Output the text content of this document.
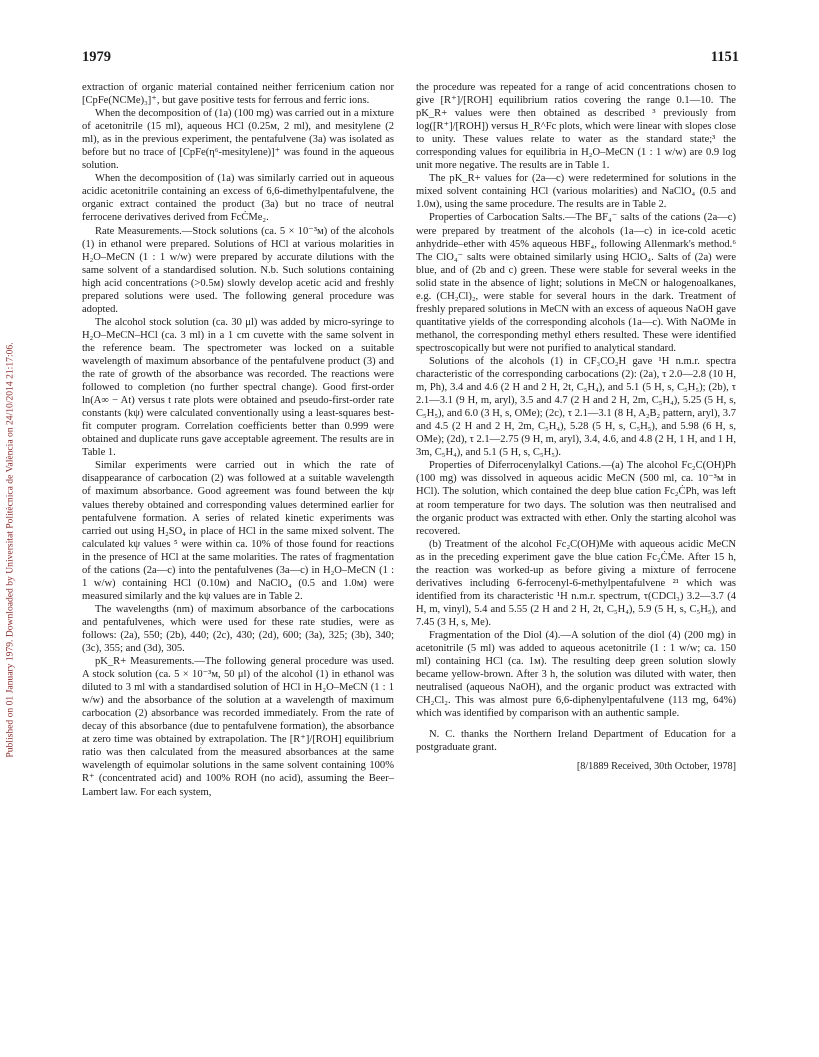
Published on 01 January 1979. Downloaded by Universitat Politècnica de València on 24/10/2014 21:17:06.
1979	1151

extraction of organic material contained neither ferricenium cation nor [CpFe(NCMe)₃]⁺, but gave positive tests for ferrous and ferric ions.

When the decomposition of (1a) (100 mg) was carried out in a mixture of acetonitrile (15 ml), aqueous HCl (0.25м, 2 ml), and mesitylene (2 ml), as in the previous experiment, the pentafulvene (3a) was isolated as before but no trace of [CpFe(η⁶-mesitylene)]⁺ was found in the aqueous solution.

When the decomposition of (1a) was similarly carried out in aqueous acidic acetonitrile containing an excess of 6,6-dimethylpentafulvene, the organic extract contained the product (3a) but no trace of neutral ferrocene derivatives derived from FcĊMe₂.

Rate Measurements.—Stock solutions (ca. 5 × 10⁻³м) of the alcohols (1) in ethanol were prepared. Solutions of HCl at various molarities in H₂O–MeCN (1 : 1 w/w) were prepared by accurate dilutions with the same solvent of a standardised solution. N.b. Such solutions containing high acid concentrations (>0.5м) slowly develop acetic acid and freshly prepared solutions were used. The following general procedure was adopted.

The alcohol stock solution (ca. 30 μl) was added by micro-syringe to H₂O–MeCN–HCl (ca. 3 ml) in a 1 cm cuvette with the same solvent in the reference beam. The spectrometer was locked on a suitable wavelength of maximum absorbance of the pentafulvene product (3) and the rate of growth of the absorbance was recorded. The reactions were followed to completion (no further spectral change). Good first-order ln(A∞ − At) versus t rate plots were obtained and pseudo-first-order rate constants (kψ) were calculated conventionally using a least-squares best-fit computer program. Correlation coefficients better than 0.999 were obtained and duplicate runs gave acceptable agreement. The results are in Table 1.

Similar experiments were carried out in which the rate of disappearance of carbocation (2) was followed at a suitable wavelength of maximum absorbance. Good agreement was found between the kψ values thereby obtained and corresponding values determined earlier for pentafulvene formation. A series of related kinetic experiments was carried out using H₂SO₄ in place of HCl in the same mixed solvent. The calculated kψ values ⁵ were within ca. 10% of those found for reactions in the presence of HCl at the same molarities. The rates of fragmentation of the cations (2a—c) into the pentafulvenes (3a—c) in H₂O–MeCN (1 : 1 w/w) containing HCl (0.10м) and NaClO₄ (0.5 and 1.0м) were measured similarly and the kψ values are in Table 2.

The wavelengths (nm) of maximum absorbance of the carbocations and pentafulvenes, which were used for these rate studies, were as follows: (2a), 550; (2b), 440; (2c), 430; (2d), 600; (3a), 325; (3b), 340; (3c), 355; and (3d), 305.

pK_R+ Measurements.—The following general procedure was used. A stock solution (ca. 5 × 10⁻³м, 50 μl) of the alcohol (1) in ethanol was diluted to 3 ml with a standardised solution of HCl in H₂O–MeCN (1 : 1 w/w) and the absorbance of the solution at a wavelength of maximum carbocation (2) absorbance was recorded immediately. From the rate of decay of this absorbance (due to pentafulvene formation), the absorbance at zero time was obtained by extrapolation. The [R⁺]/[ROH] equilibrium ratio was then calculated from the measured absorbances at the same wavelength of equimolar solutions in the same solvent containing 100% R⁺ (concentrated acid) and 100% ROH (no acid), assuming the Beer–Lambert law. For each system,

the procedure was repeated for a range of acid concentrations chosen to give [R⁺]/[ROH] equilibrium ratios covering the range 0.1—10. The pK_R+ values were then obtained as described ³ previously from log([R⁺]/[ROH]) versus H_R^Fc plots, which were linear with slopes close to unity. These values relate to water as the standard state;³ the corresponding values for equilibria in H₂O–MeCN (1 : 1 w/w) are 0.9 log unit more negative. The results are in Table 1.

The pK_R+ values for (2a—c) were redetermined for solutions in the mixed solvent containing HCl (various molarities) and NaClO₄ (0.5 and 1.0м), using the same procedure. The results are in Table 2.

Properties of Carbocation Salts.—The BF₄⁻ salts of the cations (2a—c) were prepared by treatment of the alcohols (1a—c) in ice-cold acetic anhydride–ether with 45% aqueous HBF₄, following Allenmark's method.⁶ The ClO₄⁻ salts were obtained similarly using HClO₄. Salts of (2a) were blue, and of (2b and c) green. These were stable for several weeks in the solid state in the absence of light; solutions in MeCN or halogenoalkanes, e.g. (CH₂Cl)₂, were stable for several hours in the dark. Treatment of freshly prepared solutions in MeCN with an excess of aqueous NaOH gave quantitative yields of the corresponding alcohols (1a—c). With NaOMe in methanol, the corresponding methyl ethers resulted. These were identified spectroscopically but were not purified to analytical standard.

Solutions of the alcohols (1) in CF₃CO₂H gave ¹H n.m.r. spectra characteristic of the corresponding carbocations (2): (2a), τ 2.0—2.8 (10 H, m, Ph), 3.4 and 4.6 (2 H and 2 H, 2t, C₅H₄), and 5.1 (5 H, s, C₅H₅); (2b), τ 2.1—3.1 (9 H, m, aryl), 3.5 and 4.7 (2 H and 2 H, 2m, C₅H₄), 5.25 (5 H, s, C₅H₅), and 6.0 (3 H, s, OMe); (2c), τ 2.1—3.1 (8 H, A₂B₂ pattern, aryl), 3.7 and 4.5 (2 H and 2 H, 2m, C₅H₄), 5.28 (5 H, s, C₅H₅), and 5.98 (6 H, s, OMe); (2d), τ 2.1—2.75 (9 H, m, aryl), 3.4, 4.6, and 4.8 (2 H, 1 H, and 1 H, 3m, C₅H₄), and 5.1 (5 H, s, C₅H₅).

Properties of Diferrocenylalkyl Cations.—(a) The alcohol Fc₂C(OH)Ph (100 mg) was dissolved in aqueous acidic MeCN (500 ml, ca. 10⁻³м in HCl). The solution, which contained the deep blue cation Fc₂ĊPh, was left at room temperature for two days. The solution was then neutralised and the organic product was extracted with ether. Only the starting alcohol was recovered.

(b) Treatment of the alcohol Fc₂C(OH)Me with aqueous acidic MeCN as in the preceding experiment gave the blue cation Fc₂ĊMe. After 15 h, the reaction was worked-up as before giving a mixture of ferrocene derivatives including 6-ferrocenyl-6-methylpentafulvene ²¹ which was identified from its characteristic ¹H n.m.r. spectrum, τ(CDCl₃) 3.2—3.7 (4 H, m, vinyl), 5.4 and 5.55 (2 H and 2 H, 2t, C₅H₄), 5.9 (5 H, s, C₅H₅), and 7.45 (3 H, s, Me).

Fragmentation of the Diol (4).—A solution of the diol (4) (200 mg) in acetonitrile (5 ml) was added to aqueous acetonitrile (1 : 1 w/w; ca. 150 ml) containing HCl (ca. 1м). The resulting deep green solution slowly became yellow-brown. After 3 h, the solution was diluted with water, then neutralised (aqueous NaOH), and the organic product was extracted with CH₂Cl₂. This was almost pure 6,6-diphenylpentafulvene (113 mg, 64%) which was identified by comparison with an authentic sample.

N. C. thanks the Northern Ireland Department of Education for a postgraduate grant.

[8/1889 Received, 30th October, 1978]
